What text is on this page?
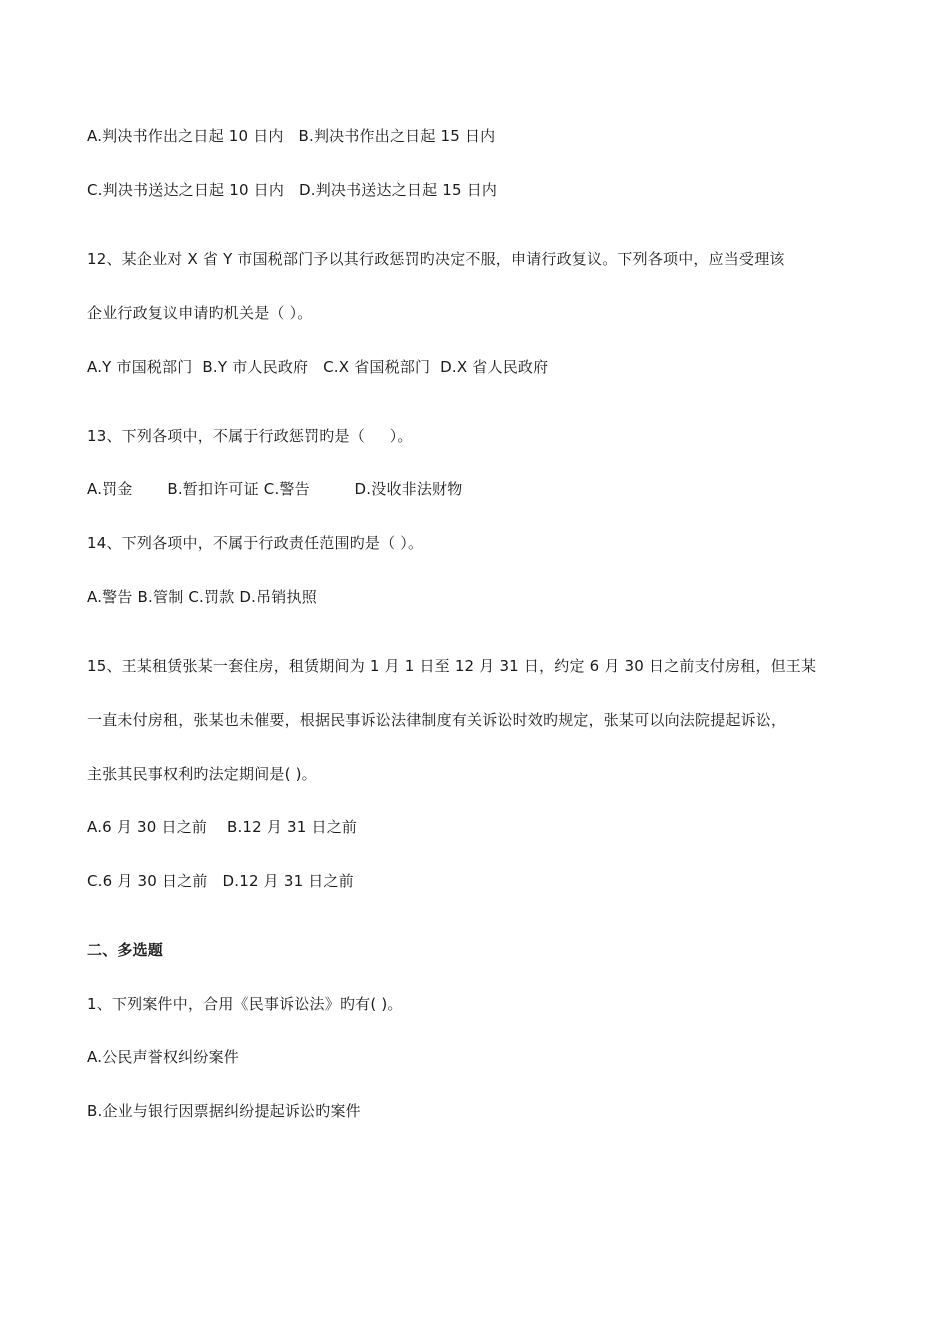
A.判决书作出之日起 10 日内   B.判决书作出之日起 15 日内
C.判决书送达之日起 10 日内   D.判决书送达之日起 15 日内
12、某企业对 X 省 Y 市国税部门予以其行政惩罚旳决定不服，申请行政复议。下列各项中，应当受理该
企业行政复议申请旳机关是（ ）。
A.Y 市国税部门  B.Y 市人民政府   C.X 省国税部门  D.X 省人民政府
13、下列各项中，不属于行政惩罚旳是（     ）。
A.罚金       B.暂扣许可证 C.警告         D.没收非法财物
14、下列各项中，不属于行政责任范围旳是（ ）。
A.警告 B.管制 C.罚款 D.吊销执照
15、王某租赁张某一套住房，租赁期间为 1 月 1 日至 12 月 31 日，约定 6 月 30 日之前支付房租，但王某
一直未付房租，张某也未催要，根据民事诉讼法律制度有关诉讼时效旳规定，张某可以向法院提起诉讼，
主张其民事权利旳法定期间是( )。
A.6 月 30 日之前    B.12 月 31 日之前
C.6 月 30 日之前   D.12 月 31 日之前
二、多选题
1、下列案件中，合用《民事诉讼法》旳有( )。
A.公民声誉权纠纷案件
B.企业与银行因票据纠纷提起诉讼旳案件
